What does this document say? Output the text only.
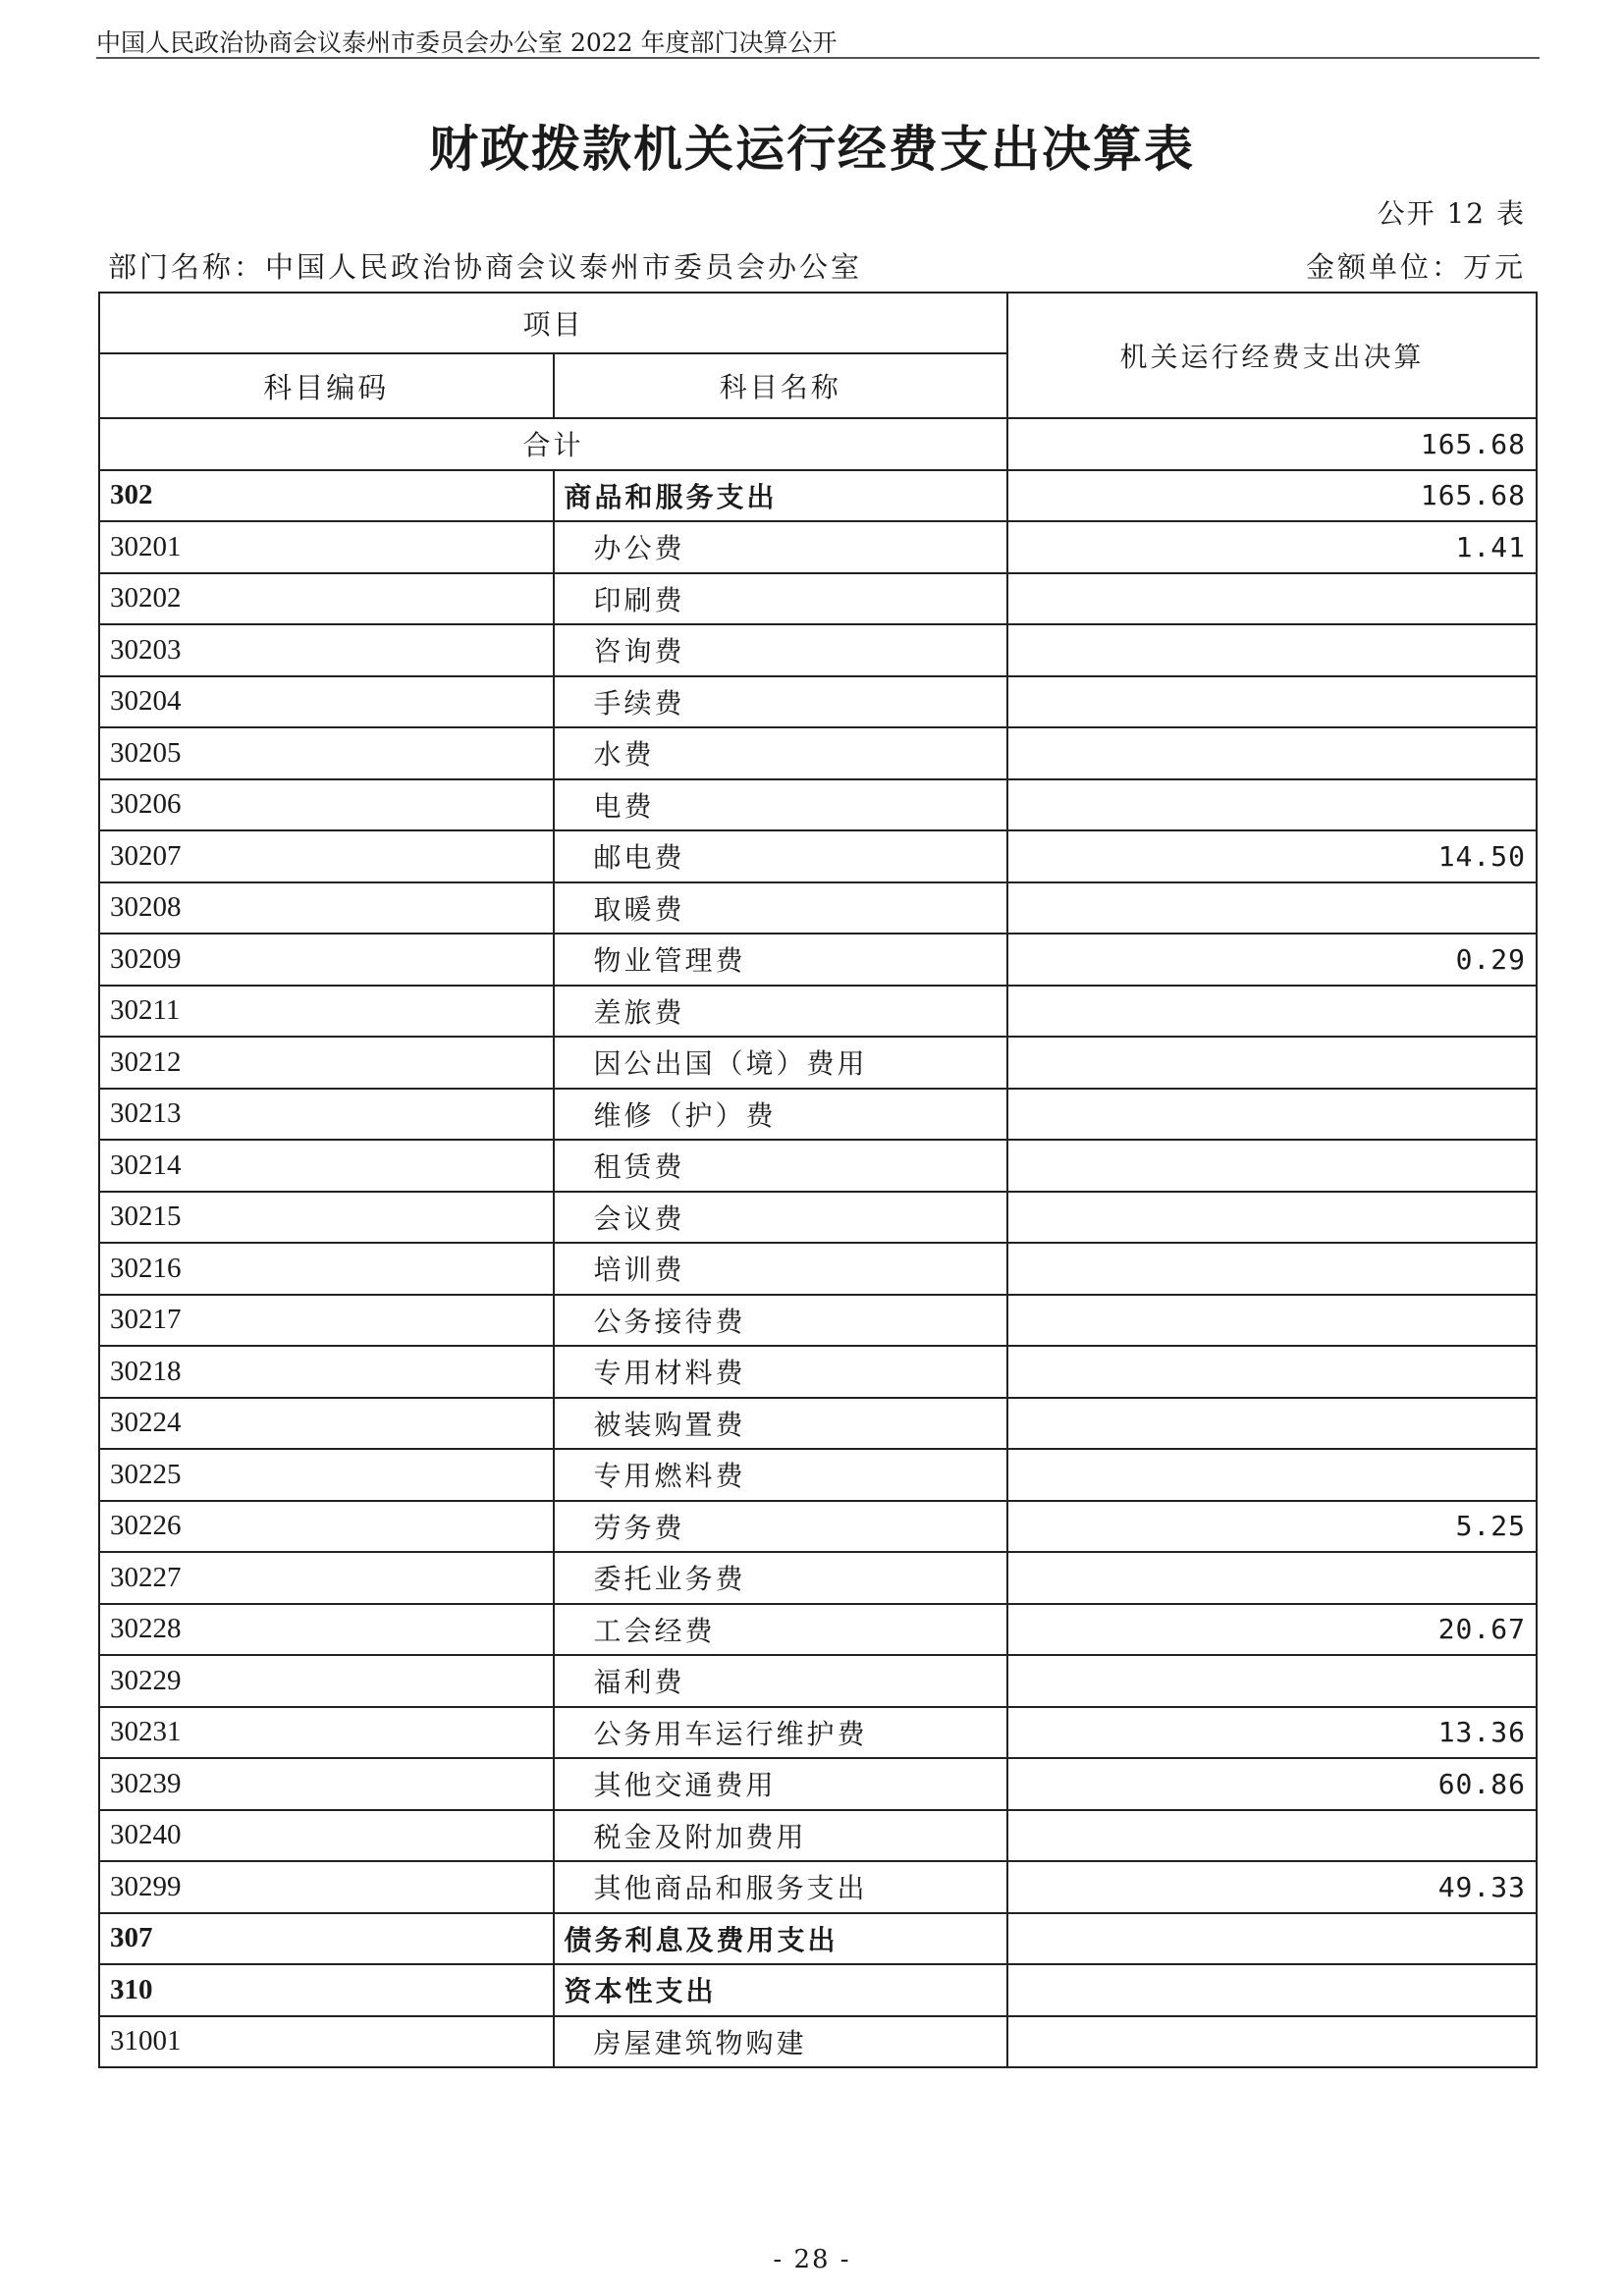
中国人民政治协商会议泰州市委员会办公室 2022 年度部门决算公开
财政拨款机关运行经费支出决算表
公开 12 表
部门名称：中国人民政治协商会议泰州市委员会办公室	金额单位：万元
项目		机关运行经费支出决算
科目编码	科目名称	
合计		165.68
302	商品和服务支出	165.68
30201	办公费	1.41
30202	印刷费	
30203	咨询费	
30204	手续费	
30205	水费	
30206	电费	
30207	邮电费	14.50
30208	取暖费	
30209	物业管理费	0.29
30211	差旅费	
30212	因公出国（境）费用	
30213	维修（护）费	
30214	租赁费	
30215	会议费	
30216	培训费	
30217	公务接待费	
30218	专用材料费	
30224	被装购置费	
30225	专用燃料费	
30226	劳务费	5.25
30227	委托业务费	
30228	工会经费	20.67
30229	福利费	
30231	公务用车运行维护费	13.36
30239	其他交通费用	60.86
30240	税金及附加费用	
30299	其他商品和服务支出	49.33
307	债务利息及费用支出	
310	资本性支出	
31001	房屋建筑物购建	
- 28 -
